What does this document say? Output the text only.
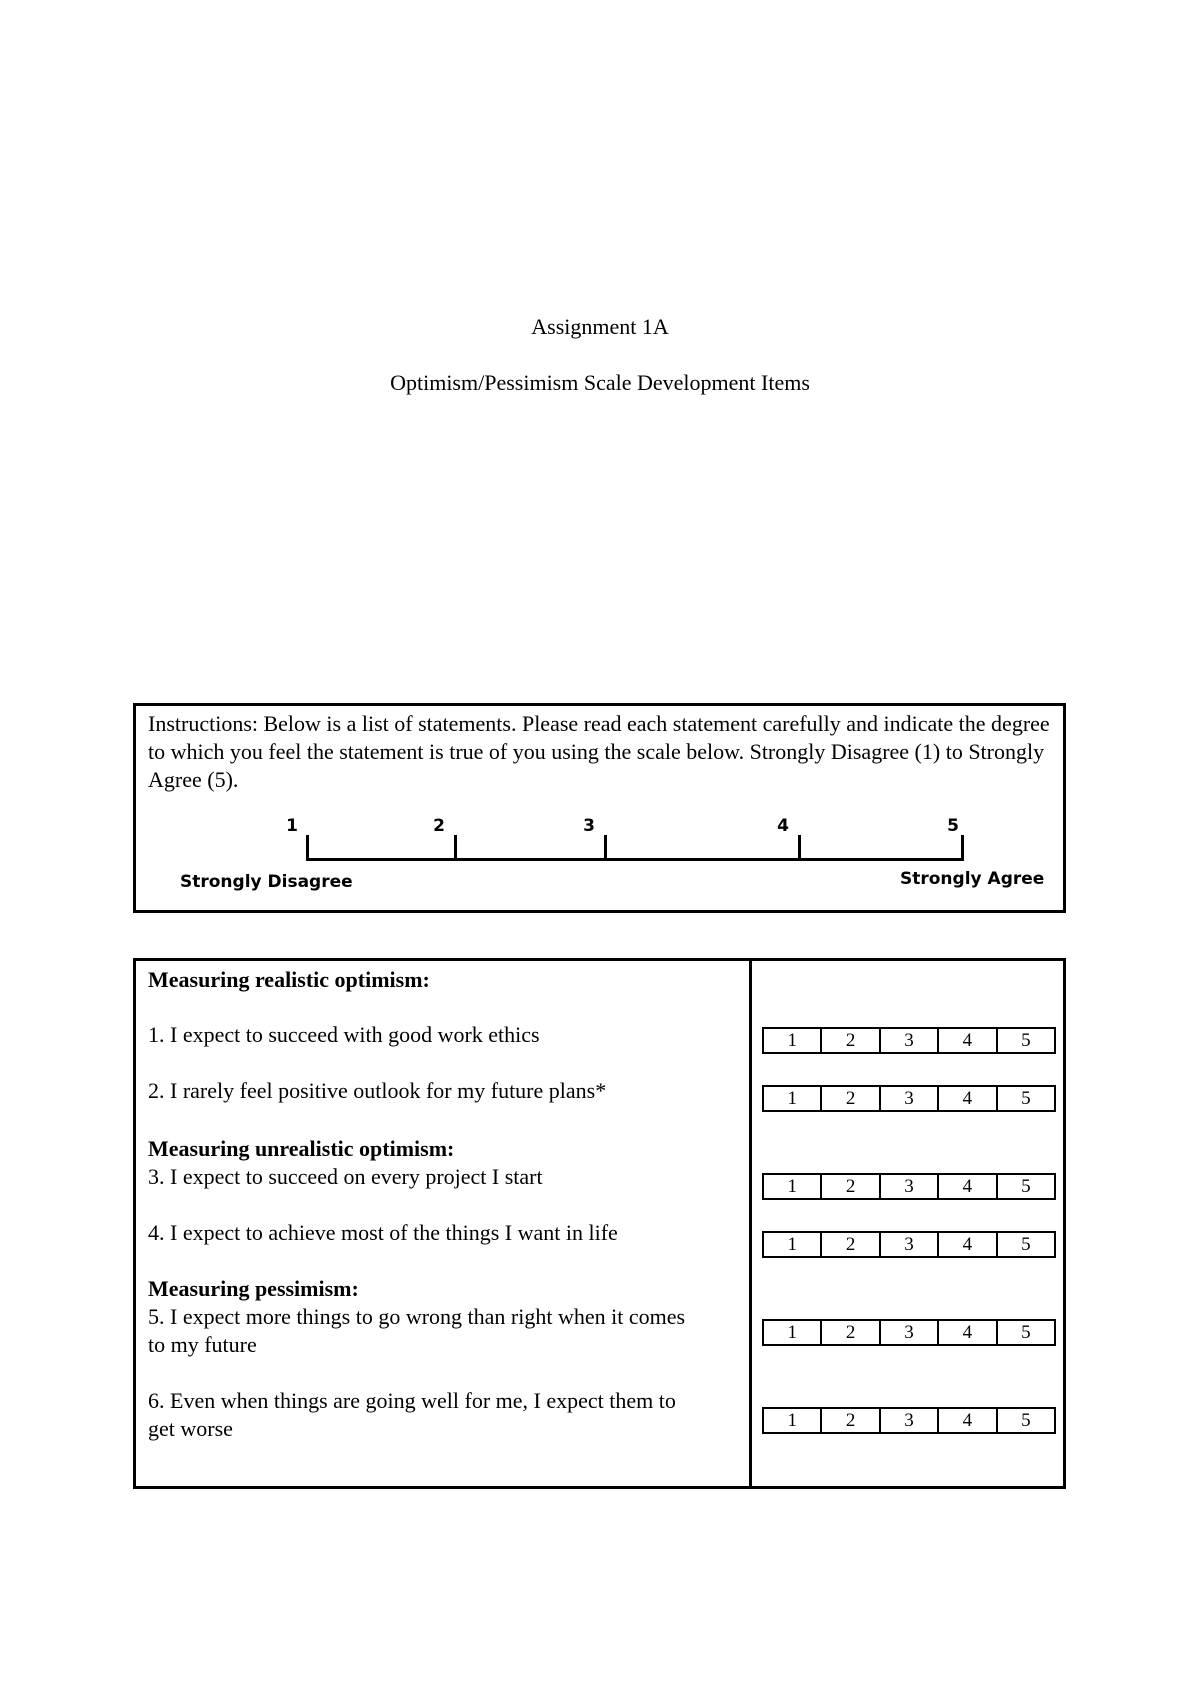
Assignment 1A
Optimism/Pessimism Scale Development Items
Instructions: Below is a list of statements. Please read each statement carefully and indicate the degree to which you feel the statement is true of you using the scale below. Strongly Disagree (1) to Strongly Agree (5).
1	2	3	4	5
Strongly Disagree	Strongly Agree
Measuring realistic optimism:
1. I expect to succeed with good work ethics	1	2	3	4	5
2. I rarely feel positive outlook for my future plans*	1	2	3	4	5
Measuring unrealistic optimism:
3. I expect to succeed on every project I start	1	2	3	4	5
4. I expect to achieve most of the things I want in life	1	2	3	4	5
Measuring pessimism:
5. I expect more things to go wrong than right when it comes
to my future	1	2	3	4	5
6. Even when things are going well for me, I expect them to
get worse	1	2	3	4	5
